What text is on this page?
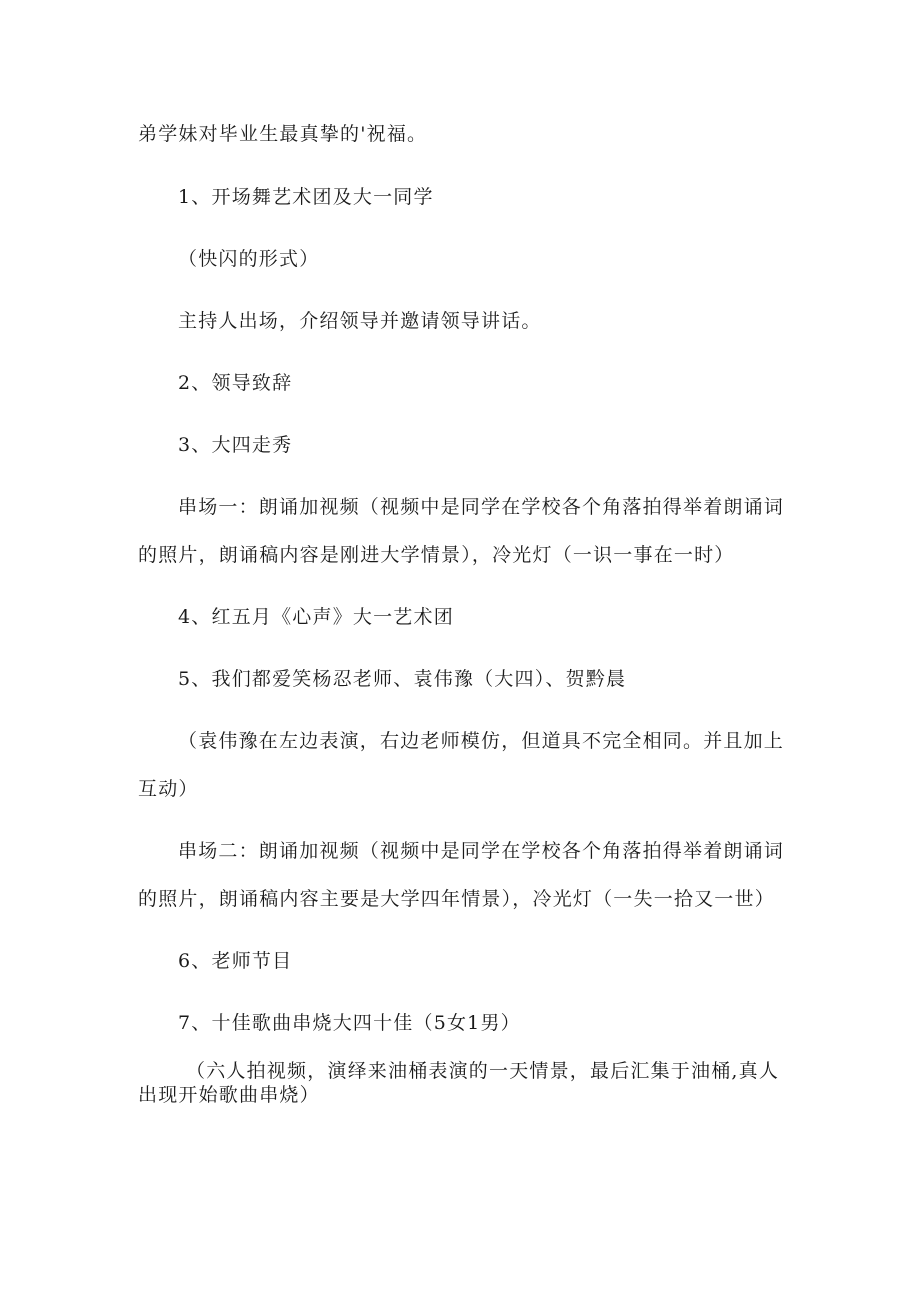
弟学妹对毕业生最真挚的'祝福。
1、开场舞艺术团及大一同学
（快闪的形式）
主持人出场，介绍领导并邀请领导讲话。
2、领导致辞
3、大四走秀
串场一：朗诵加视频（视频中是同学在学校各个角落拍得举着朗诵词
的照片，朗诵稿内容是刚进大学情景），冷光灯（一识一事在一时）
4、红五月《心声》大一艺术团
5、我们都爱笑杨忍老师、袁伟豫（大四）、贺黔晨
（袁伟豫在左边表演，右边老师模仿，但道具不完全相同。并且加上
互动）
串场二：朗诵加视频（视频中是同学在学校各个角落拍得举着朗诵词
的照片，朗诵稿内容主要是大学四年情景），冷光灯（一失一拾又一世）
6、老师节目
7、十佳歌曲串烧大四十佳（5女1男）
（六人拍视频，演绎来油桶表演的一天情景，最后汇集于油桶,真人
出现开始歌曲串烧）
